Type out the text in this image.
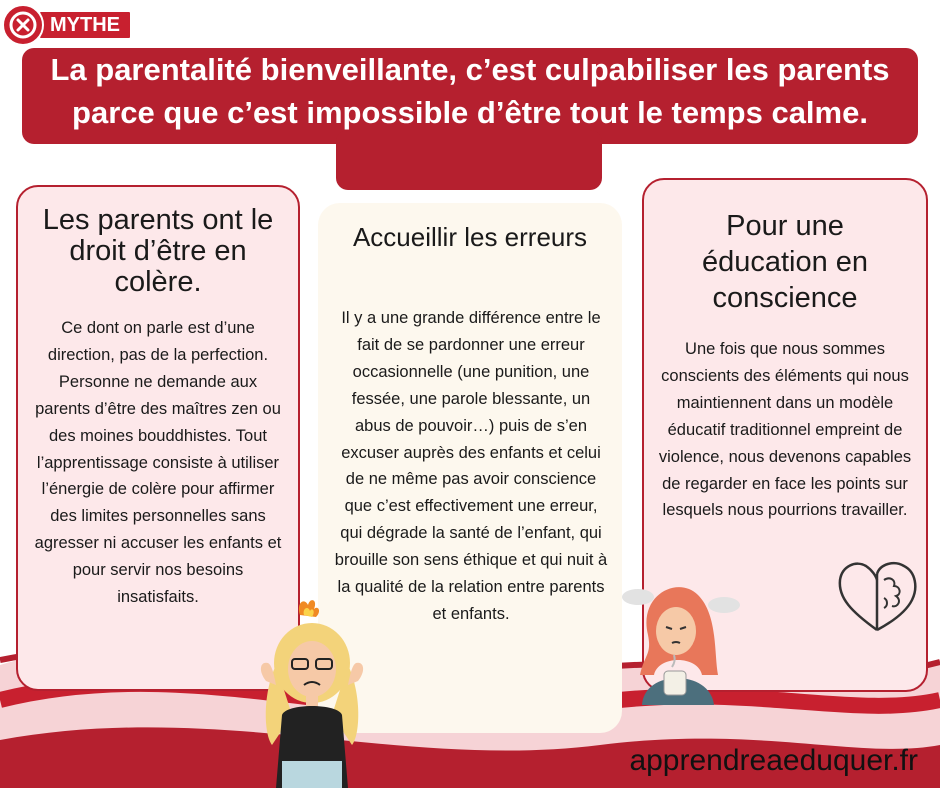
MYTHE
La parentalité bienveillante, c’est culpabiliser les parents parce que c’est impossible d’être tout le temps calme.
Les parents ont le droit d’être en colère.
Ce dont on parle est d’une direction, pas de la perfection. Personne ne demande aux parents d’être des maîtres zen ou des moines bouddhistes. Tout l’apprentissage consiste à utiliser l’énergie de colère pour affirmer des limites personnelles sans agresser ni accuser les enfants et pour servir nos besoins insatisfaits.
Accueillir les erreurs
Il y a une grande différence entre le fait de se pardonner une erreur occasionnelle (une punition, une fessée, une parole blessante, un abus de pouvoir…) puis de s’en excuser auprès des enfants et celui de ne même pas avoir conscience que c’est effectivement une erreur, qui dégrade la santé de l’enfant, qui brouille son sens éthique et qui nuit à la qualité de la relation entre parents et enfants.
Pour une éducation en conscience
Une fois que nous sommes conscients des éléments qui nous maintiennent dans un modèle éducatif traditionnel empreint de violence, nous devenons capables de regarder en face les points sur lesquels nous pourrions travailler.
apprendreaeduquer.fr
